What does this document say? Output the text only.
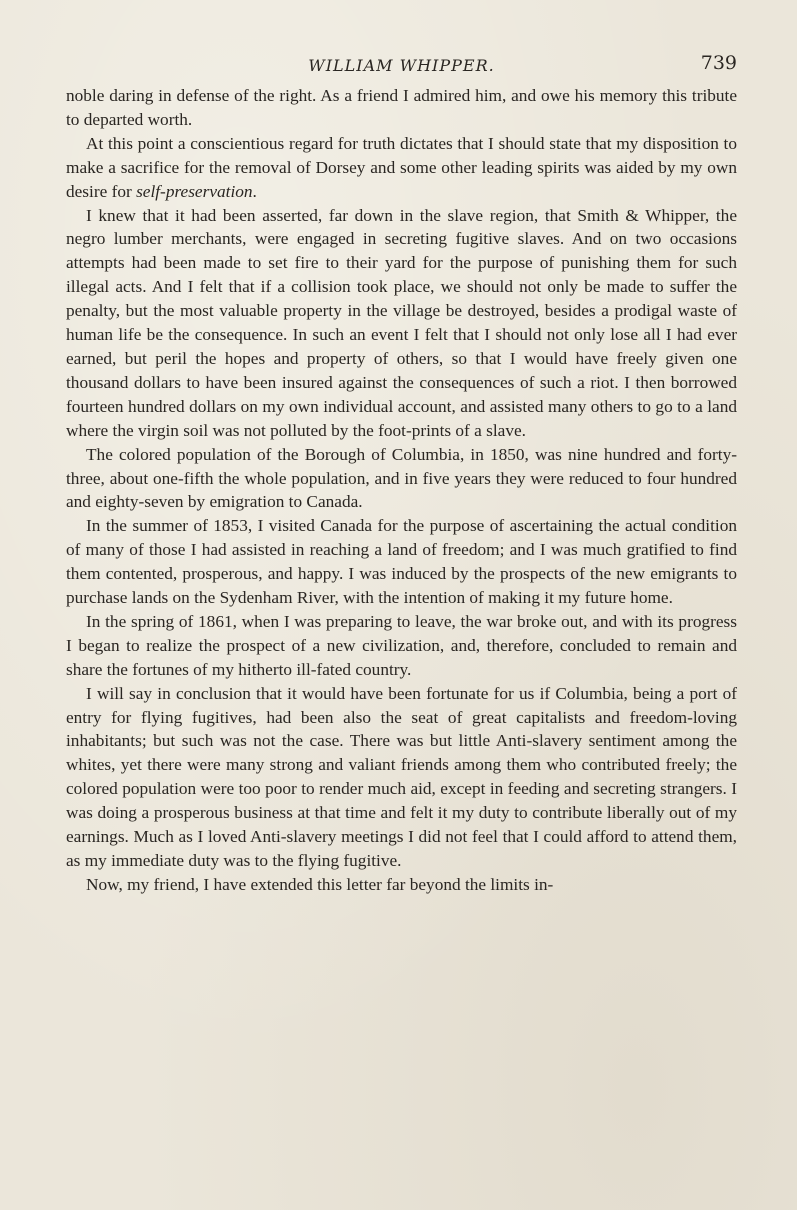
WILLIAM WHIPPER.	739

noble daring in defense of the right. As a friend I admired him, and owe his memory this tribute to departed worth.

At this point a conscientious regard for truth dictates that I should state that my disposition to make a sacrifice for the removal of Dorsey and some other leading spirits was aided by my own desire for self-preservation.

I knew that it had been asserted, far down in the slave region, that Smith & Whipper, the negro lumber merchants, were engaged in secreting fugitive slaves. And on two occasions attempts had been made to set fire to their yard for the purpose of punishing them for such illegal acts. And I felt that if a collision took place, we should not only be made to suffer the penalty, but the most valuable property in the village be destroyed, besides a prodigal waste of human life be the consequence. In such an event I felt that I should not only lose all I had ever earned, but peril the hopes and property of others, so that I would have freely given one thousand dollars to have been insured against the consequences of such a riot. I then borrowed fourteen hundred dollars on my own individual account, and assisted many others to go to a land where the virgin soil was not polluted by the foot-prints of a slave.

The colored population of the Borough of Columbia, in 1850, was nine hundred and forty-three, about one-fifth the whole population, and in five years they were reduced to four hundred and eighty-seven by emigration to Canada.

In the summer of 1853, I visited Canada for the purpose of ascertaining the actual condition of many of those I had assisted in reaching a land of freedom; and I was much gratified to find them contented, prosperous, and happy. I was induced by the prospects of the new emigrants to purchase lands on the Sydenham River, with the intention of making it my future home.

In the spring of 1861, when I was preparing to leave, the war broke out, and with its progress I began to realize the prospect of a new civilization, and, therefore, concluded to remain and share the fortunes of my hitherto ill-fated country.

I will say in conclusion that it would have been fortunate for us if Columbia, being a port of entry for flying fugitives, had been also the seat of great capitalists and freedom-loving inhabitants; but such was not the case. There was but little Anti-slavery sentiment among the whites, yet there were many strong and valiant friends among them who contributed freely; the colored population were too poor to render much aid, except in feeding and secreting strangers. I was doing a prosperous business at that time and felt it my duty to contribute liberally out of my earnings. Much as I loved Anti-slavery meetings I did not feel that I could afford to attend them, as my immediate duty was to the flying fugitive.

Now, my friend, I have extended this letter far beyond the limits in-
